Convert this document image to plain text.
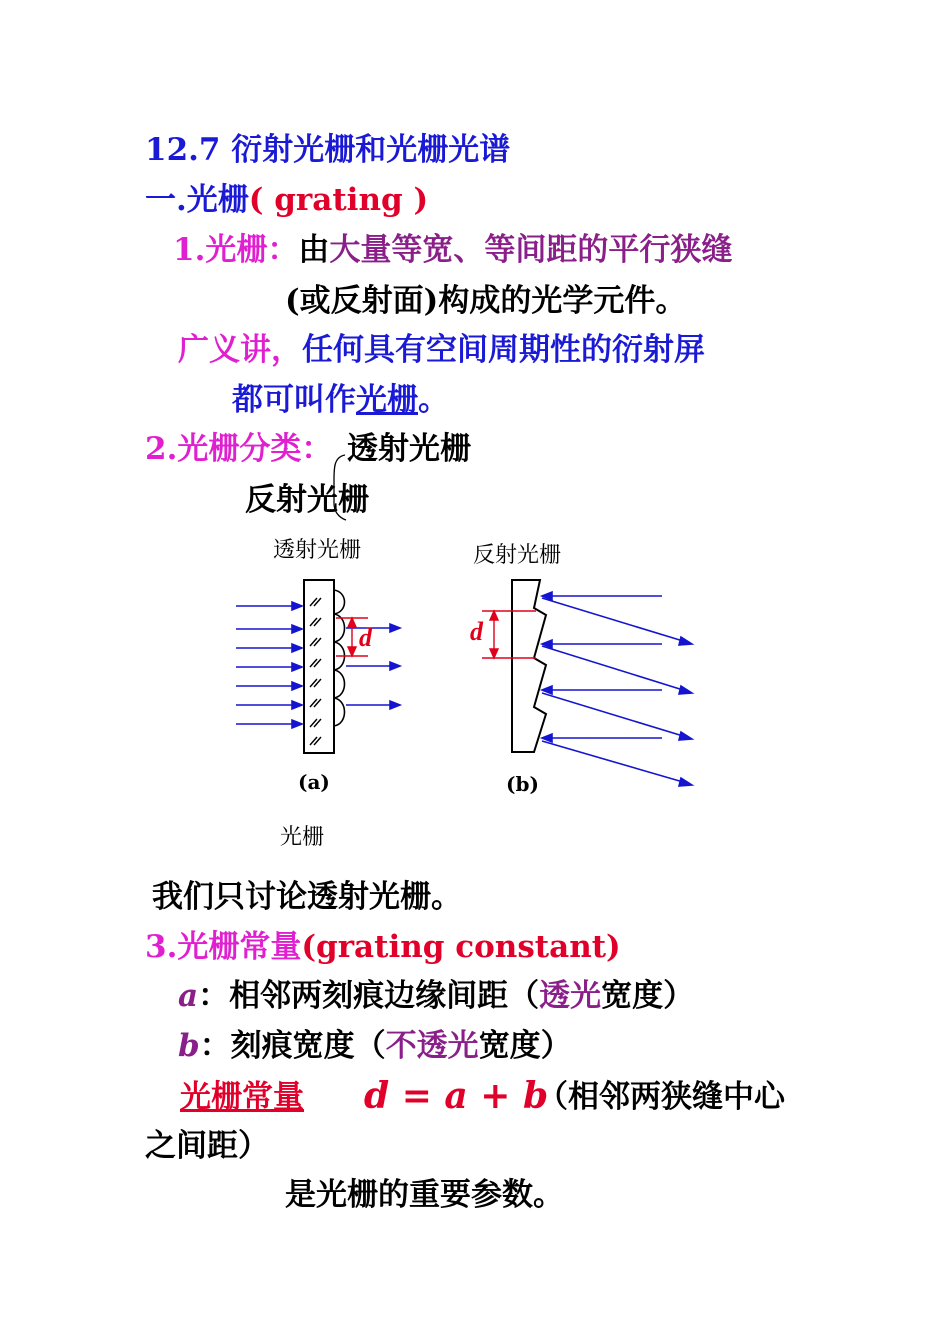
12.7 衍射光栅和光栅光谱
一.光栅( grating )
1.光栅：由大量等宽、等间距的平行狭缝
(或反射面)构成的光学元件。
广义讲，任何具有空间周期性的衍射屏
都可叫作光栅。
2.光栅分类： 透射光栅
反射光栅
d	d
透射光栅	反射光栅
(a)	(b)
光栅
我们只讨论透射光栅。
3.光栅常量(grating constant)
a：相邻两刻痕边缘间距（透光宽度）
b：刻痕宽度（不透光宽度）
光栅常量 d = a + b
（相邻两狭缝中心
之间距）
是光栅的重要参数。
